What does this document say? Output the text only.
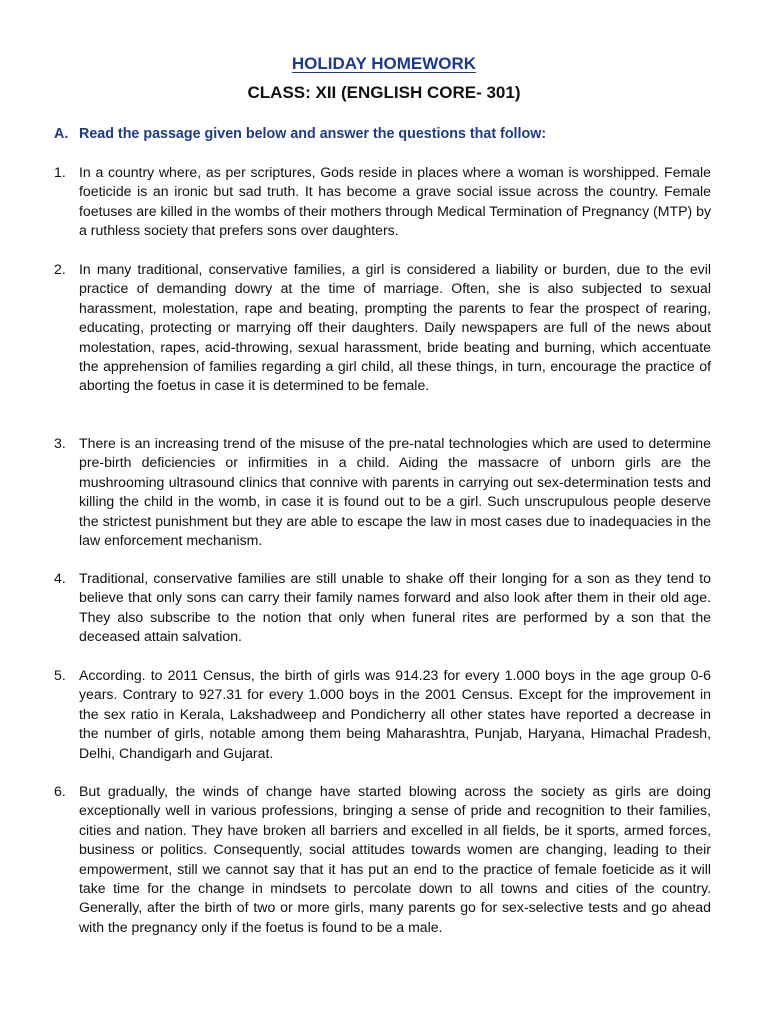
HOLIDAY HOMEWORK
CLASS: XII (ENGLISH CORE- 301)

A. Read the passage given below and answer the questions that follow:

1. In a country where, as per scriptures, Gods reside in places where a woman is worshipped. Female foeticide is an ironic but sad truth. It has become a grave social issue across the country. Female foetuses are killed in the wombs of their mothers through Medical Termination of Pregnancy (MTP) by a ruthless society that prefers sons over daughters.
2. In many traditional, conservative families, a girl is considered a liability or burden, due to the evil practice of demanding dowry at the time of marriage. Often, she is also subjected to sexual harassment, molestation, rape and beating, prompting the parents to fear the prospect of rearing, educating, protecting or marrying off their daughters. Daily newspapers are full of the news about molestation, rapes, acid-throwing, sexual harassment, bride beating and burning, which accentuate the apprehension of families regarding a girl child, all these things, in turn, encourage the practice of aborting the foetus in case it is determined to be female.
3. There is an increasing trend of the misuse of the pre-natal technologies which are used to determine pre-birth deficiencies or infirmities in a child. Aiding the massacre of unborn girls are the mushrooming ultrasound clinics that connive with parents in carrying out sex-determination tests and killing the child in the womb, in case it is found out to be a girl. Such unscrupulous people deserve the strictest punishment but they are able to escape the law in most cases due to inadequacies in the law enforcement mechanism.
4. Traditional, conservative families are still unable to shake off their longing for a son as they tend to believe that only sons can carry their family names forward and also look after them in their old age. They also subscribe to the notion that only when funeral rites are performed by a son that the deceased attain salvation.
5. According. to 2011 Census, the birth of girls was 914.23 for every 1.000 boys in the age group 0-6 years. Contrary to 927.31 for every 1.000 boys in the 2001 Census. Except for the improvement in the sex ratio in Kerala, Lakshadweep and Pondicherry all other states have reported a decrease in the number of girls, notable among them being Maharashtra, Punjab, Haryana, Himachal Pradesh, Delhi, Chandigarh and Gujarat.
6. But gradually, the winds of change have started blowing across the society as girls are doing exceptionally well in various professions, bringing a sense of pride and recognition to their families, cities and nation. They have broken all barriers and excelled in all fields, be it sports, armed forces, business or politics. Consequently, social attitudes towards women are changing, leading to their empowerment, still we cannot say that it has put an end to the practice of female foeticide as it will take time for the change in mindsets to percolate down to all towns and cities of the country. Generally, after the birth of two or more girls, many parents go for sex-selective tests and go ahead with the pregnancy only if the foetus is found to be a male.
